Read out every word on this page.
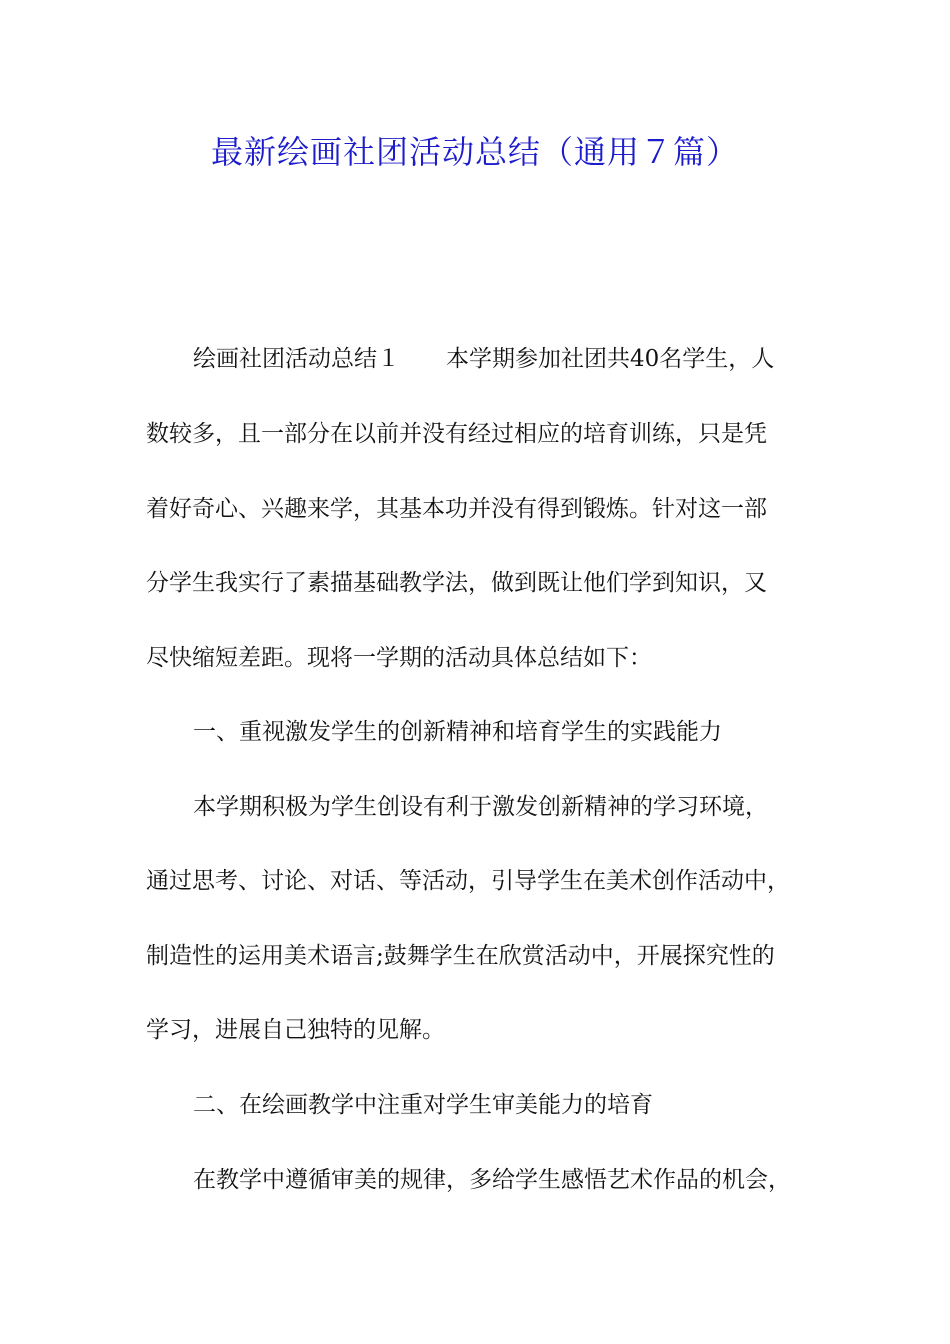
最新绘画社团活动总结（通用７篇）
绘画社团活动总结１ 本学期参加社团共40名学生，人
数较多，且一部分在以前并没有经过相应的培育训练，只是凭
着好奇心、兴趣来学，其基本功并没有得到锻炼。针对这一部
分学生我实行了素描基础教学法，做到既让他们学到知识，又
尽快缩短差距。现将一学期的活动具体总结如下：
一、重视激发学生的创新精神和培育学生的实践能力
本学期积极为学生创设有利于激发创新精神的学习环境，
通过思考、讨论、对话、等活动，引导学生在美术创作活动中，
制造性的运用美术语言;鼓舞学生在欣赏活动中，开展探究性的
学习，进展自己独特的见解。
二、在绘画教学中注重对学生审美能力的培育
在教学中遵循审美的规律，多给学生感悟艺术作品的机会，
